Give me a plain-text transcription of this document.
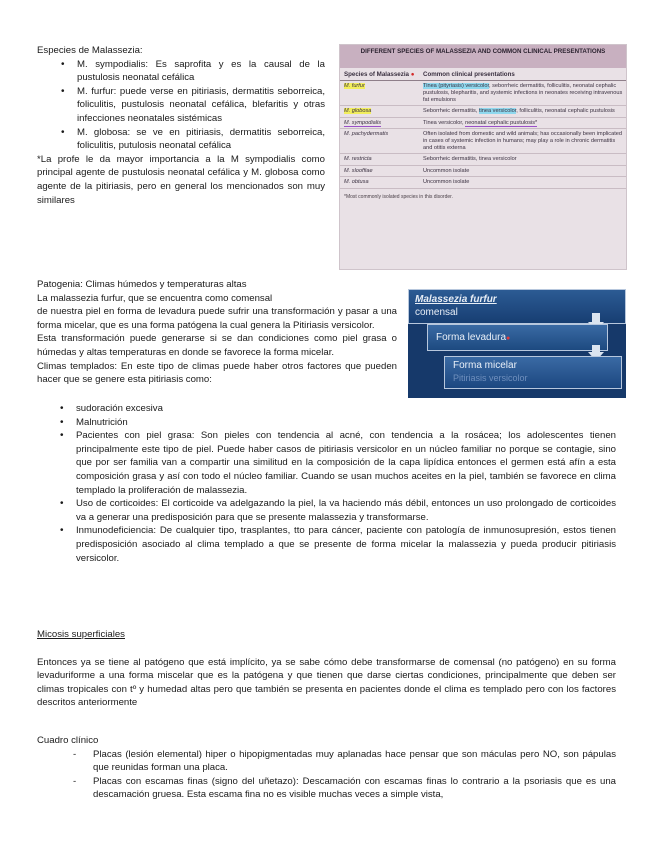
Especies de Malassezia:

• M. sympodialis: Es saprofita y es la causal de la pustulosis neonatal cefálica
• M. furfur: puede verse en pitiriasis, dermatitis seborreica, foliculitis, pustulosis neonatal cefálica, blefaritis y otras infecciones neonatales sistémicas
• M. globosa: se ve en pitiriasis, dermatitis seborreica, foliculitis, putulosis neonatal cefálica

*La profe le da mayor importancia a la M sympodialis como principal agente de pustulosis neonatal cefálica y M. globosa como agente de la pitiriasis, pero en general los mencionados son muy similares

DIFFERENT SPECIES OF MALASSEZIA AND COMMON CLINICAL PRESENTATIONS
Species of Malassezia ●	Common clinical presentations
M. furfur	Tinea (pityriasis) versicolor, seborrheic dermatitis, folliculitis, neonatal cephalic pustulosis, blepharitis, and systemic infections in neonates receiving intravenous fat emulsions
M. globosa	Seborrheic dermatitis, tinea versicolor, folliculitis, neonatal cephalic pustulosis
M. sympodialis	Tinea versicolor, neonatal cephalic pustulosis*
M. pachydermatis	Often isolated from domestic and wild animals; has occasionally been implicated in cases of systemic infection in humans; may play a role in chronic dermatitis and otitis externa
M. restricta	Seborrheic dermatitis, tinea versicolor
M. slooffiae	Uncommon isolate
M. obtusa	Uncommon isolate
*Most commonly isolated species in this disorder.

Patogenia: Climas húmedos y temperaturas altas

La malassezia furfur, que se encuentra como comensal

de nuestra piel en forma de levadura puede sufrir una transformación y pasar a una forma micelar, que es una forma patógena la cual genera la Pitiriasis versicolor.

Esta transformación puede generarse si se dan condiciones como piel grasa o húmedas y altas temperaturas en donde se favorece la forma micelar.

Climas templados: En este tipo de climas puede haber otros factores que pueden hacer que se genere esta pitiriasis como:

• sudoración excesiva
• Malnutrición
• Pacientes con piel grasa: Son pieles con tendencia al acné, con tendencia a la rosácea; los adolescentes tienen principalmente este tipo de piel. Puede haber casos de pitiriasis versicolor en un núcleo familiar no porque se contagie, sino que por ser familia van a compartir una similitud en la composición de la capa lipídica entonces el germen está afín a esta composición grasa y así con todo el núcleo familiar. Cuando se usan muchos aceites en la piel, también se favorece en clima templado la proliferación de malassezia.
• Uso de corticoides: El corticoide va adelgazando la piel, la va haciendo más débil, entonces un uso prolongado de corticoides va a generar una predisposición para que se presente malassezia y transformarse.
• Inmunodeficiencia: De cualquier tipo, trasplantes, tto para cáncer, paciente con patología de inmunosupresión, estos tienen predisposición asociado al clima templado a que se presente de forma micelar la malassezia y pueda producir pitiriasis versicolor.
Malassezia furfur
comensal
Forma levadura●
Forma micelar
Pitiriasis versicolor

Micosis superficiales

Entonces ya se tiene al patógeno que está implícito, ya se sabe cómo debe transformarse de comensal (no patógeno) en su forma levaduriforme a una forma miscelar que es la patógena y que tienen que darse ciertas condiciones, principalmente que deben ser climas tropicales con tº y humedad altas pero que también se presenta en pacientes donde el clima es templado pero con los factores descritos anteriormente

Cuadro clínico

- Placas (lesión elemental) hiper o hipopigmentadas muy aplanadas hace pensar que son máculas pero NO, son pápulas que reunidas forman una placa.
- Placas con escamas finas (signo del uñetazo): Descamación con escamas finas lo contrario a la psoriasis que es una descamación gruesa. Esta escama fina no es visible muchas veces a simple vista,
